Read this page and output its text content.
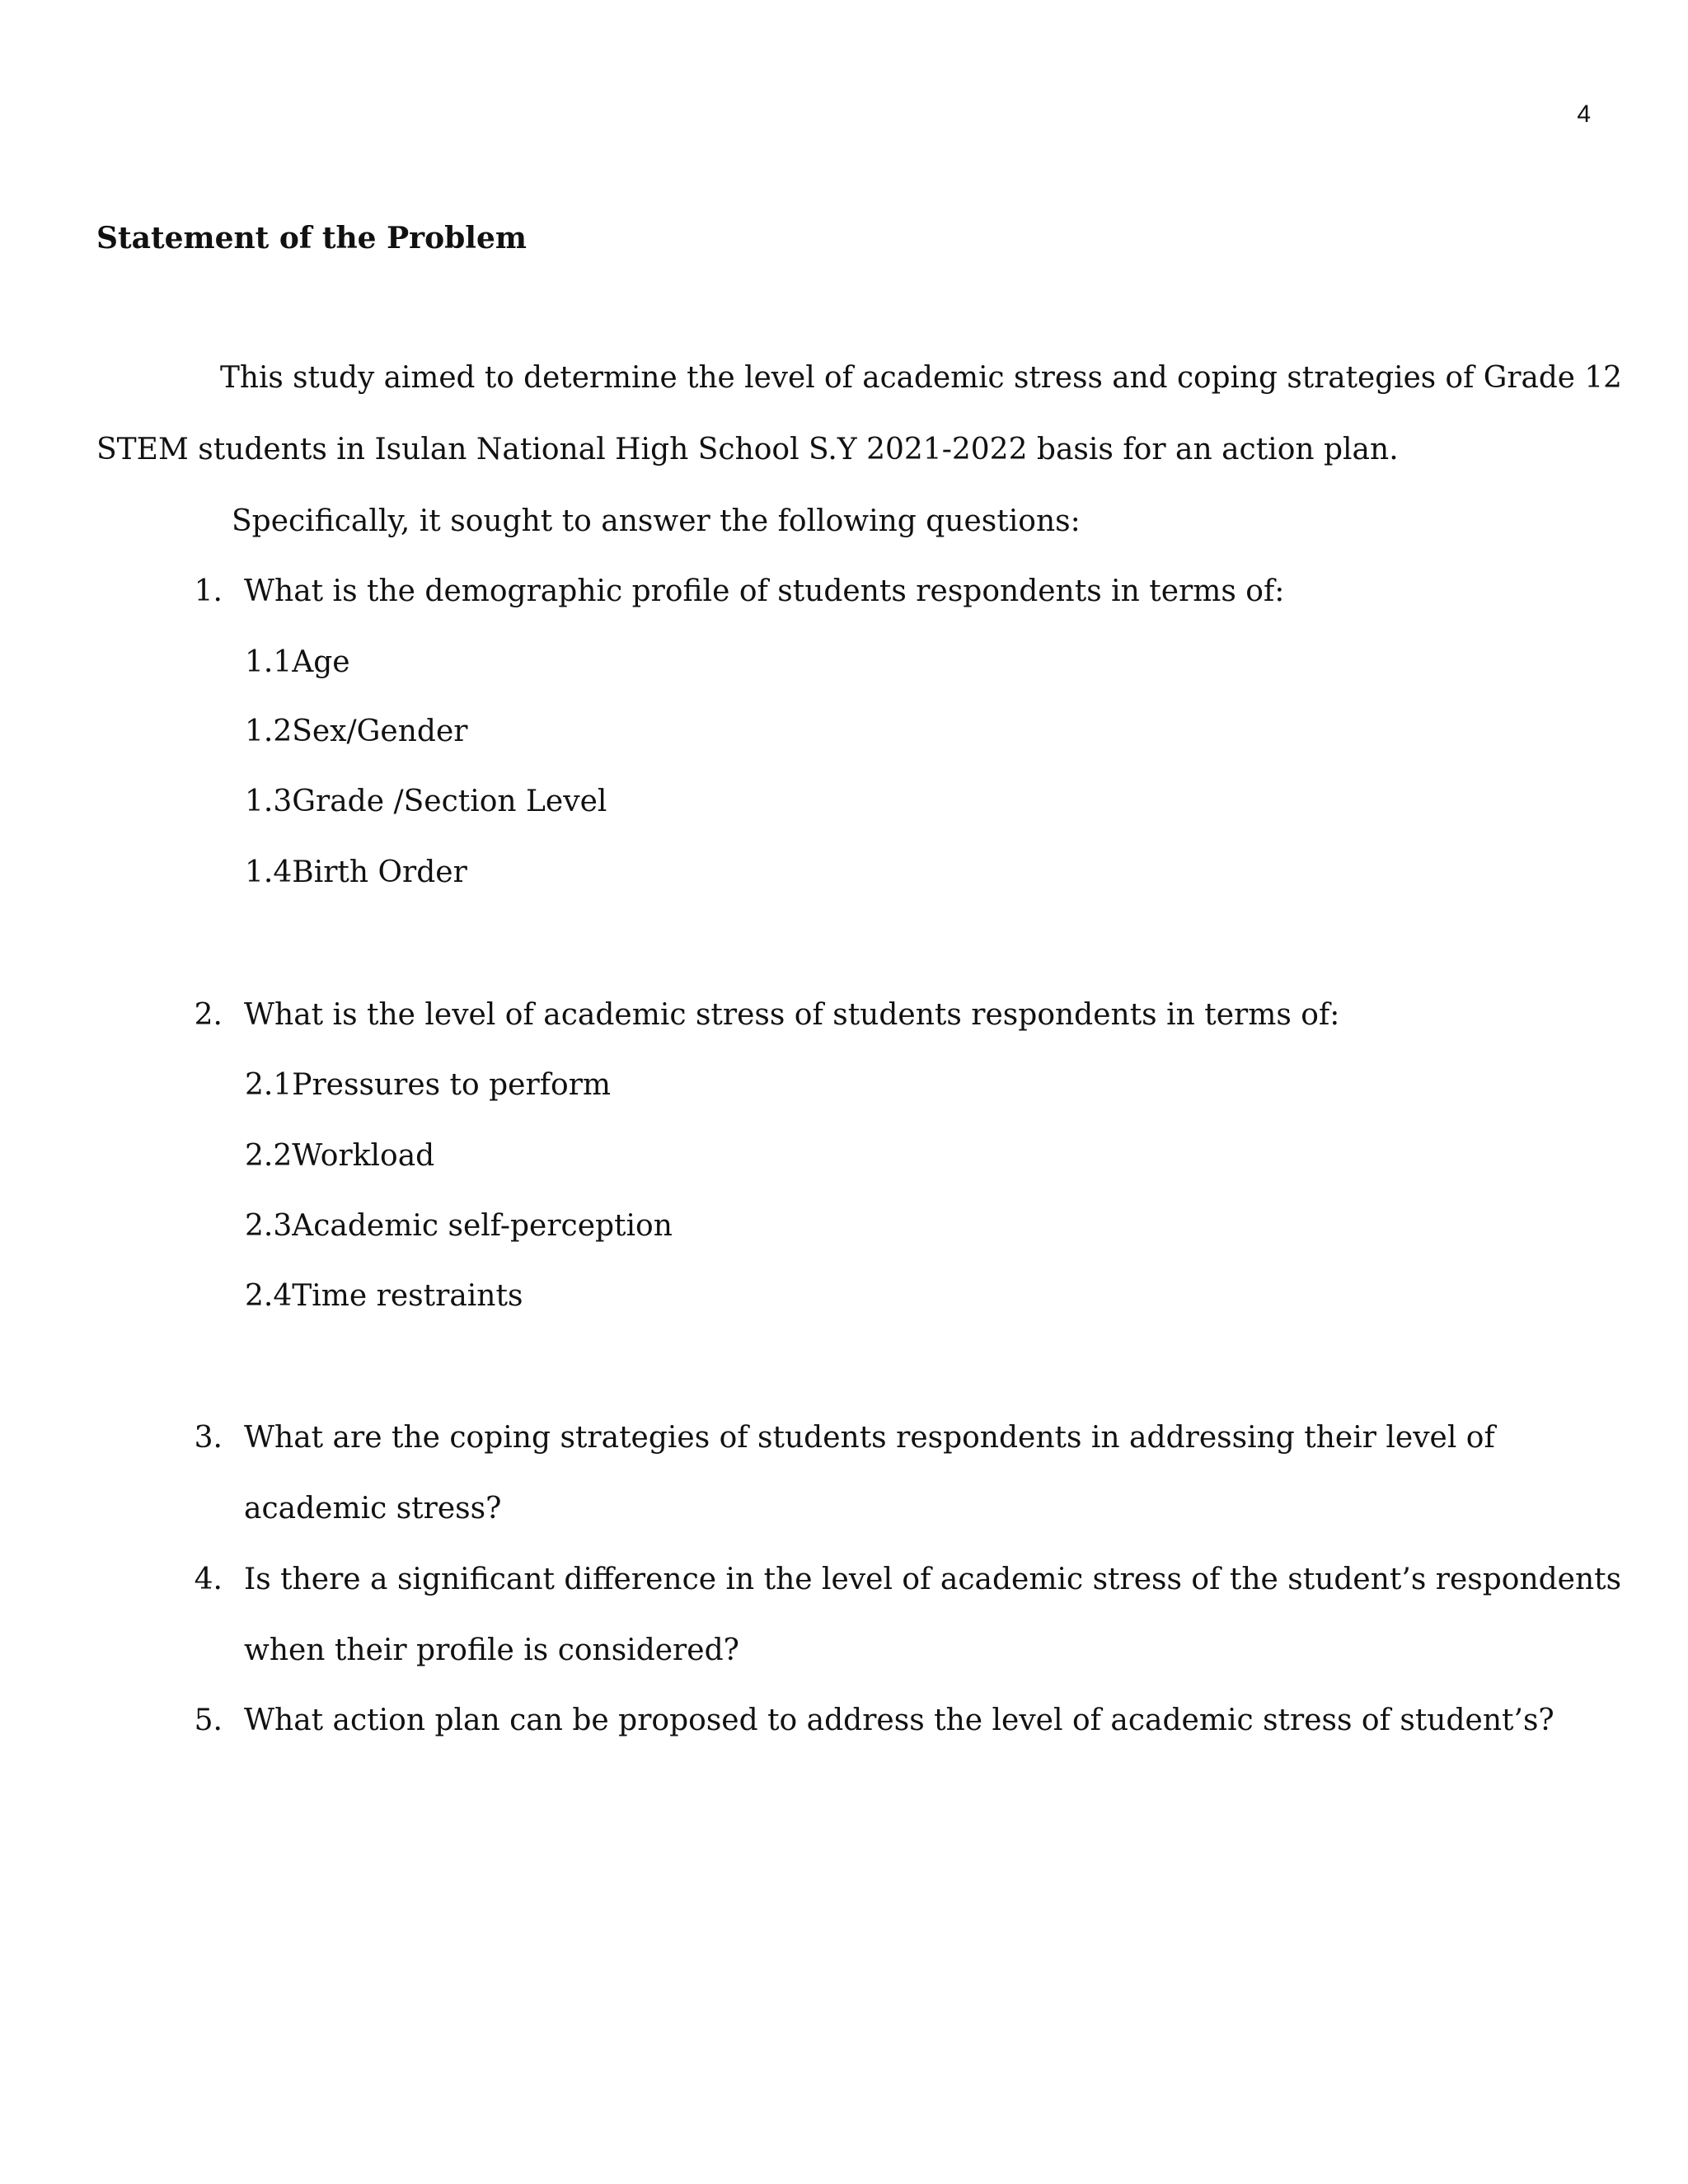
4
Statement of the Problem
This study aimed to determine the level of academic stress and coping strategies of Grade 12
STEM students in Isulan National High School S.Y 2021-2022 basis for an action plan.
Specifically, it sought to answer the following questions:
1. What is the demographic profile of students respondents in terms of:
1.1Age
1.2Sex/Gender
1.3Grade /Section Level
1.4Birth Order
2. What is the level of academic stress of students respondents in terms of:
2.1Pressures to perform
2.2Workload
2.3Academic self-perception
2.4Time restraints
3. What are the coping strategies of students respondents in addressing their level of
academic stress?
4. Is there a significant difference in the level of academic stress of the student’s respondents
when their profile is considered?
5. What action plan can be proposed to address the level of academic stress of student’s?
